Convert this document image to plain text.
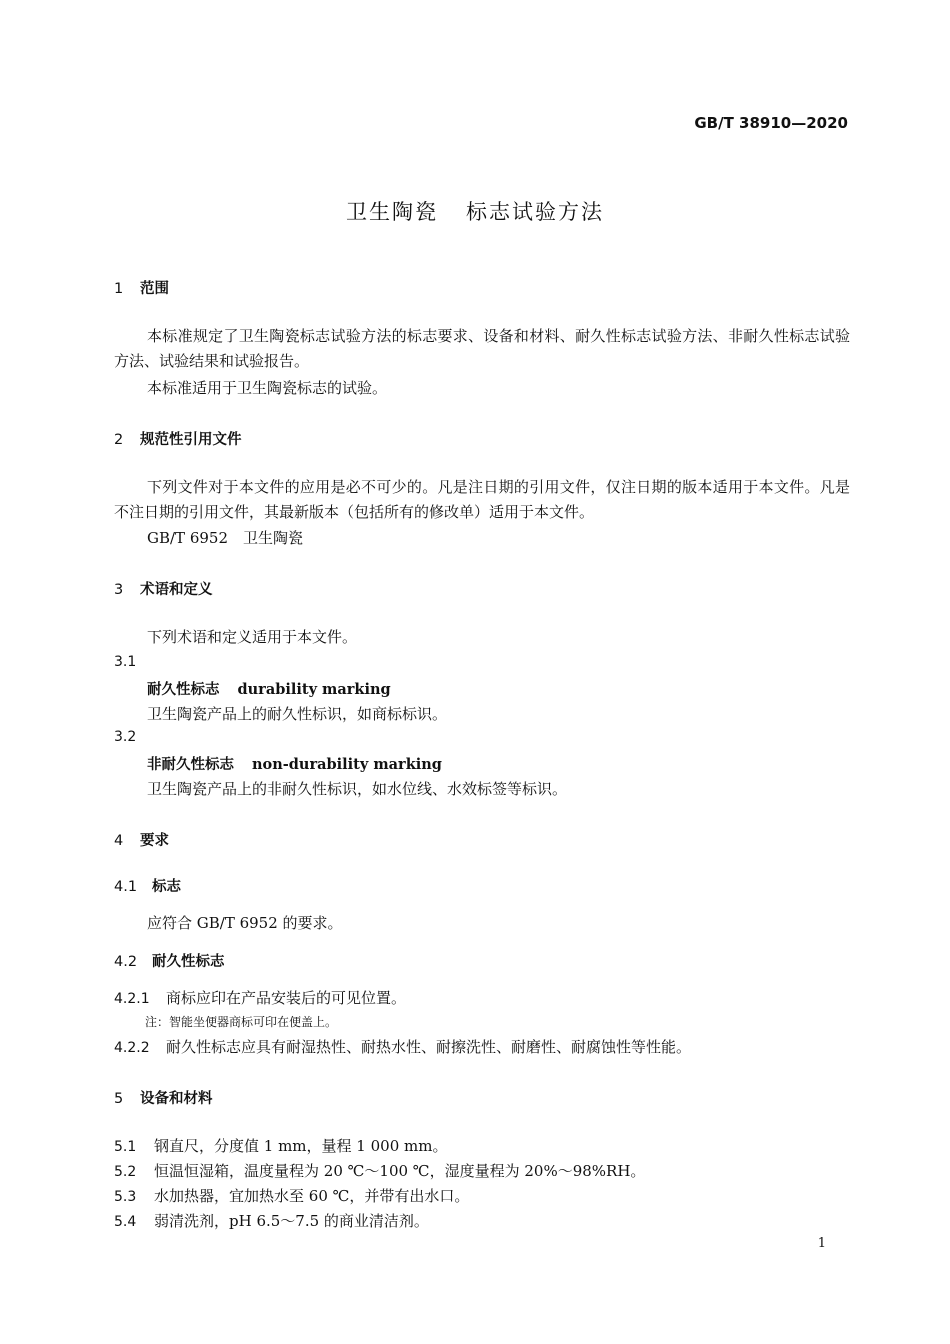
GB/T 38910—2020
卫生陶瓷 标志试验方法
1 范围
本标准规定了卫生陶瓷标志试验方法的标志要求、设备和材料、耐久性标志试验方法、非耐久性标志试验方法、试验结果和试验报告。
本标准适用于卫生陶瓷标志的试验。
2 规范性引用文件
下列文件对于本文件的应用是必不可少的。凡是注日期的引用文件，仅注日期的版本适用于本文件。凡是不注日期的引用文件，其最新版本（包括所有的修改单）适用于本文件。
GB/T 6952　卫生陶瓷
3 术语和定义
下列术语和定义适用于本文件。
3.1
耐久性标志 durability marking
卫生陶瓷产品上的耐久性标识，如商标标识。
3.2
非耐久性标志 non-durability marking
卫生陶瓷产品上的非耐久性标识，如水位线、水效标签等标识。
4 要求
4.1 标志
应符合 GB/T 6952 的要求。
4.2 耐久性标志
4.2.1 商标应印在产品安装后的可见位置。
注：智能坐便器商标可印在便盖上。
4.2.2 耐久性标志应具有耐湿热性、耐热水性、耐擦洗性、耐磨性、耐腐蚀性等性能。
5 设备和材料
5.1 钢直尺，分度值 1 mm，量程 1 000 mm。
5.2 恒温恒湿箱，温度量程为 20 ℃～100 ℃，湿度量程为 20%～98%RH。
5.3 水加热器，宜加热水至 60 ℃，并带有出水口。
5.4 弱清洗剂，pH 6.5～7.5 的商业清洁剂。
1
